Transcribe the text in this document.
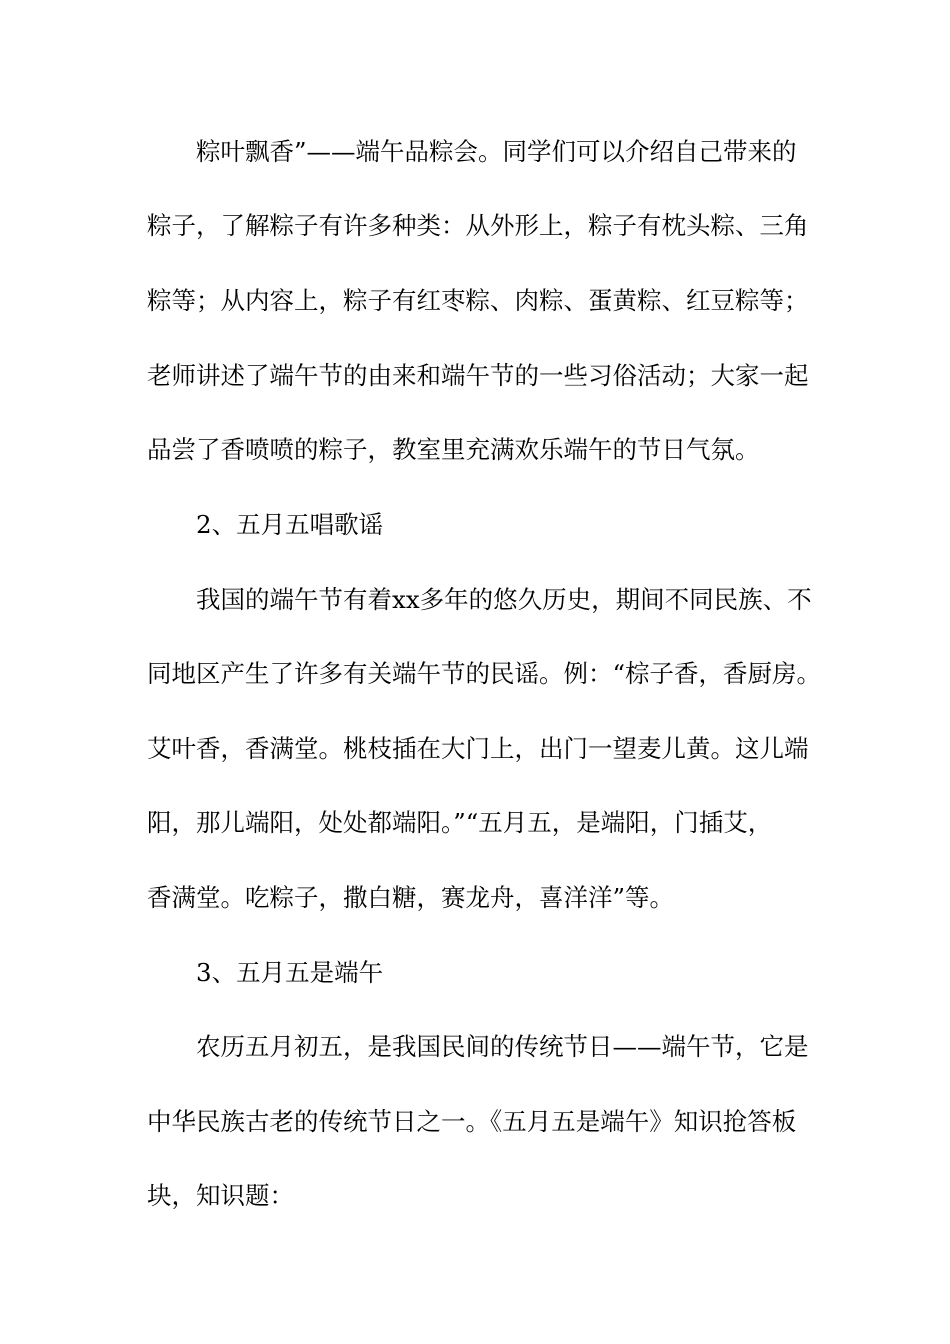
粽叶飘香”——端午品粽会。同学们可以介绍自己带来的

粽子，了解粽子有许多种类：从外形上，粽子有枕头粽、三角

粽等；从内容上，粽子有红枣粽、肉粽、蛋黄粽、红豆粽等；

老师讲述了端午节的由来和端午节的一些习俗活动；大家一起

品尝了香喷喷的粽子，教室里充满欢乐端午的节日气氛。

2、五月五唱歌谣

我国的端午节有着xx多年的悠久历史，期间不同民族、不

同地区产生了许多有关端午节的民谣。例：“棕子香，香厨房。

艾叶香，香满堂。桃枝插在大门上，出门一望麦儿黄。这儿端

阳，那儿端阳，处处都端阳。”“五月五，是端阳，门插艾，

香满堂。吃粽子，撒白糖，赛龙舟，喜洋洋”等。

3、五月五是端午

农历五月初五，是我国民间的传统节日——端午节，它是

中华民族古老的传统节日之一。《五月五是端午》知识抢答板

块，知识题：
